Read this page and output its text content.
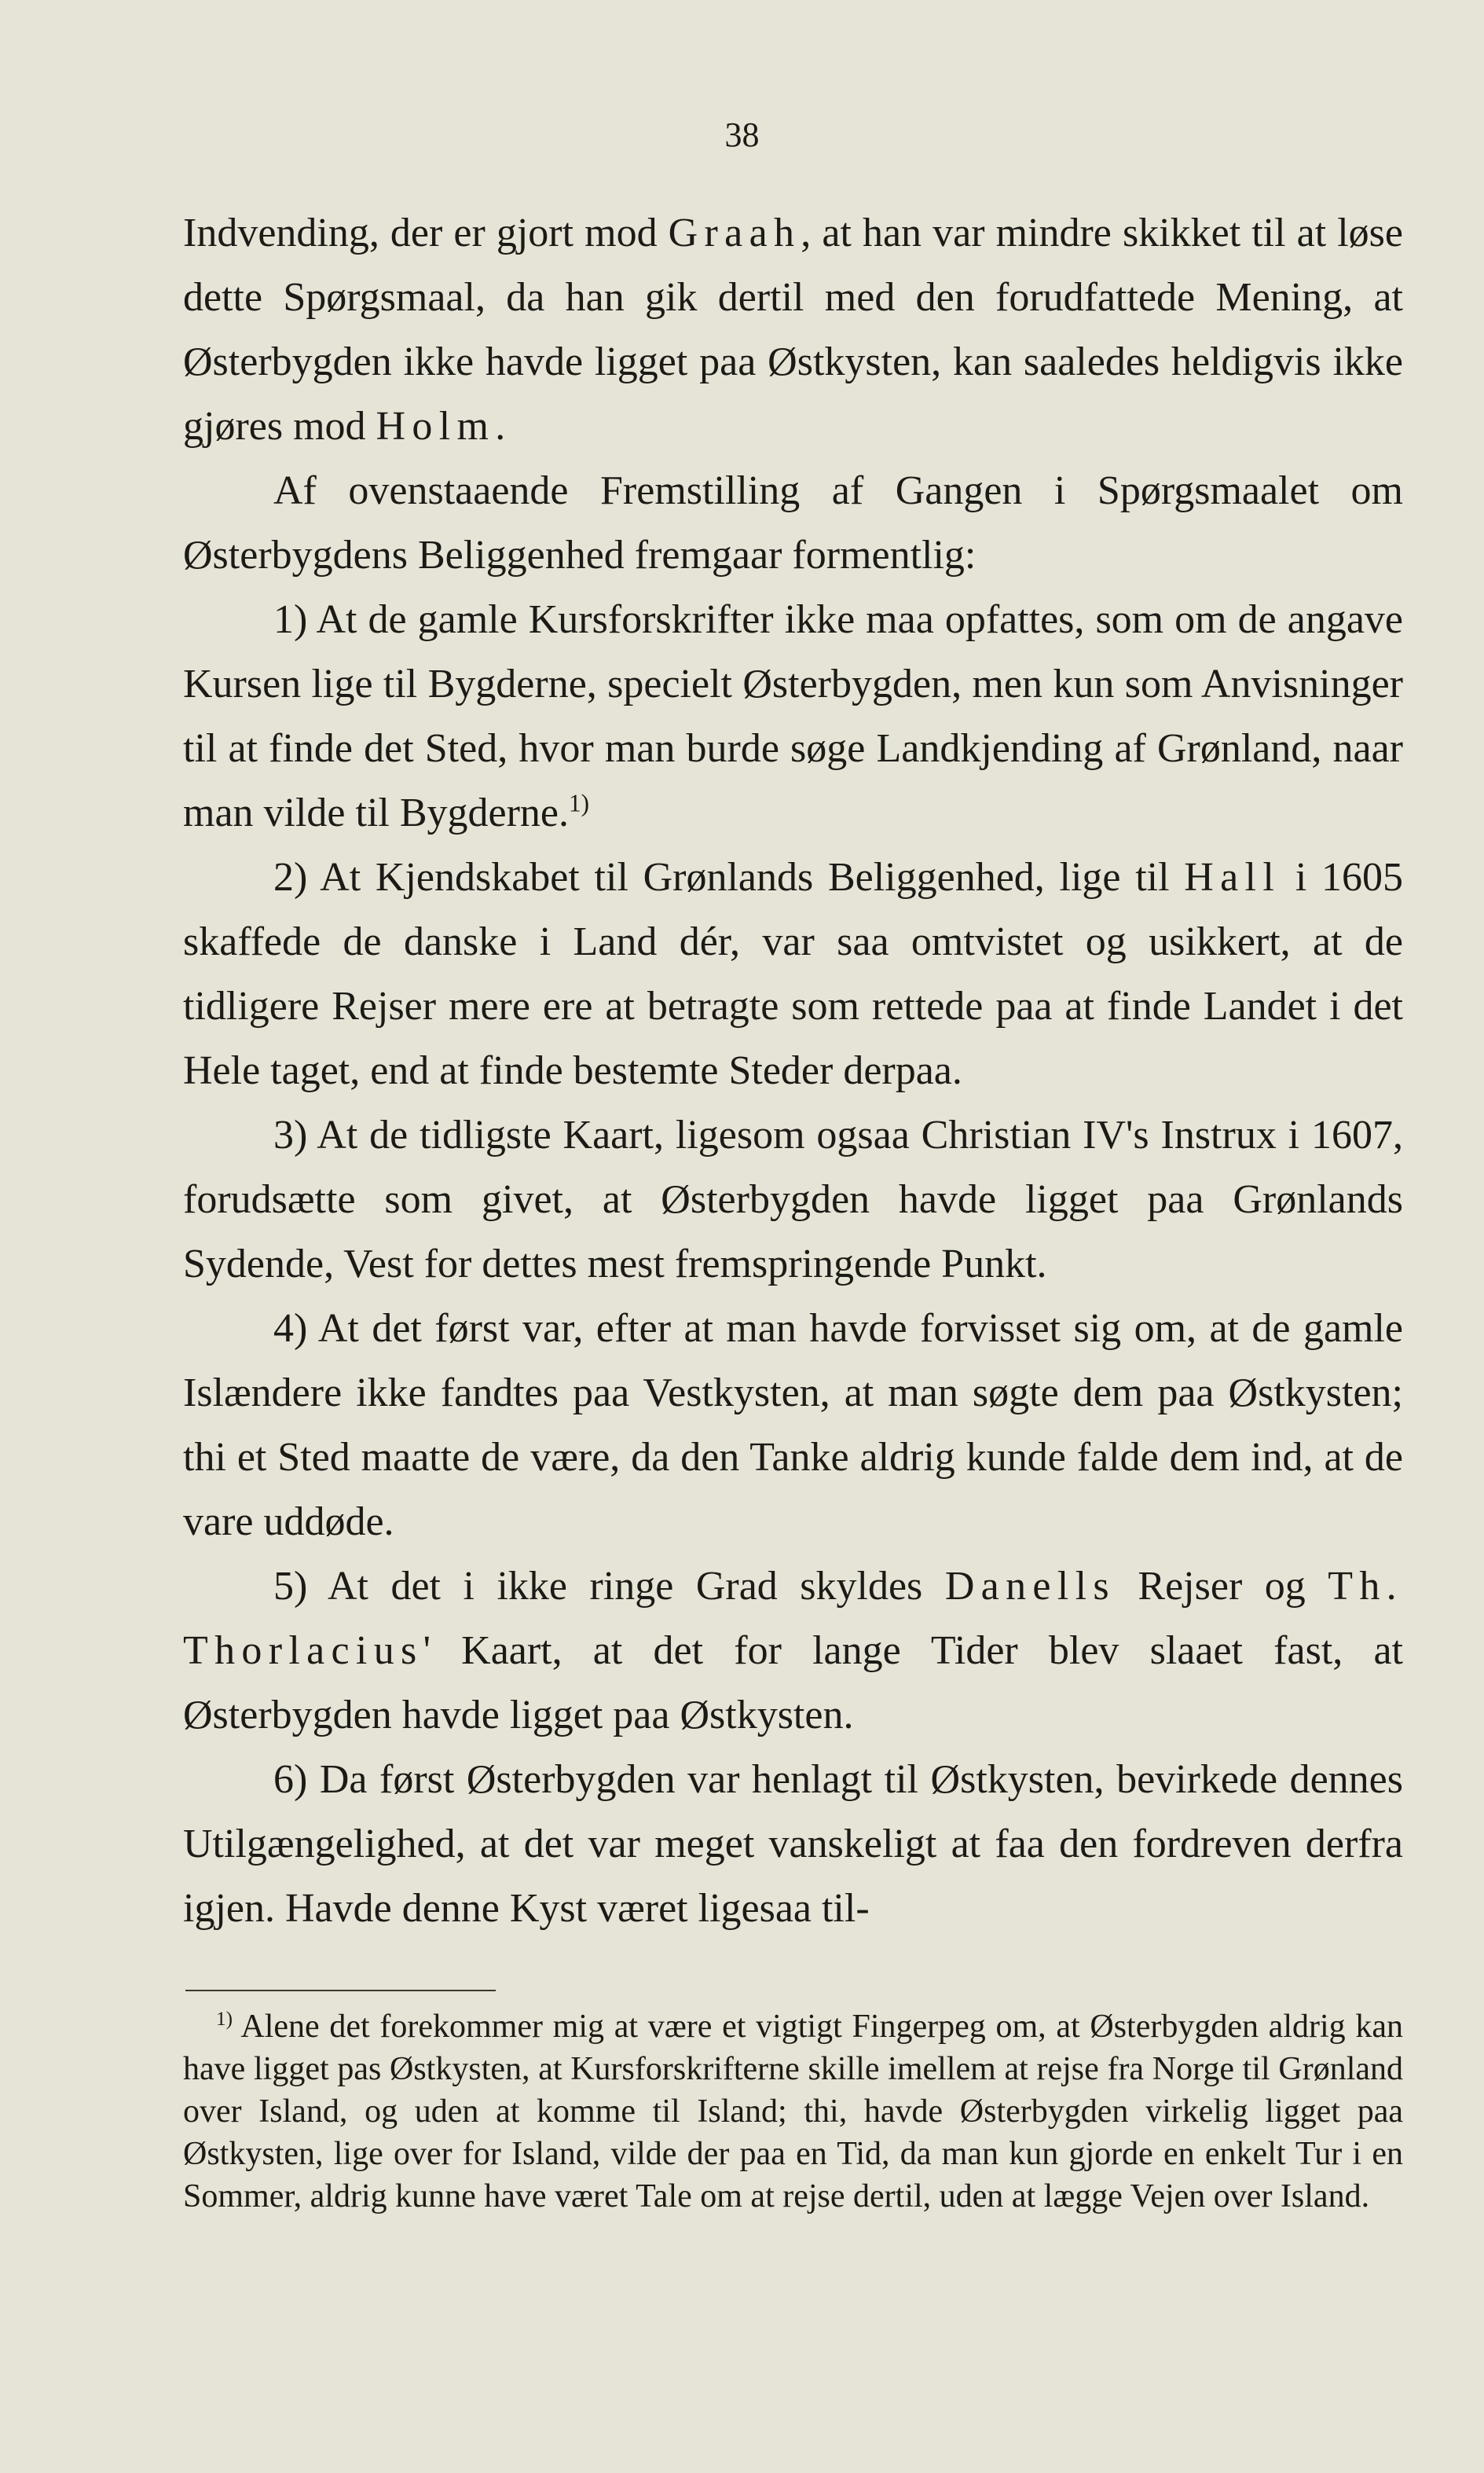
38

Indvending, der er gjort mod Graah, at han var mindre skikket til at løse dette Spørgsmaal, da han gik dertil med den forudfattede Mening, at Østerbygden ikke havde ligget paa Østkysten, kan saaledes heldigvis ikke gjøres mod Holm.

Af ovenstaaende Fremstilling af Gangen i Spørgsmaalet om Østerbygdens Beliggenhed fremgaar formentlig:

1) At de gamle Kursforskrifter ikke maa opfattes, som om de angave Kursen lige til Bygderne, specielt Østerbygden, men kun som Anvisninger til at finde det Sted, hvor man burde søge Landkjending af Grønland, naar man vilde til Bygderne.$^{1)}$

2) At Kjendskabet til Grønlands Beliggenhed, lige til Hall i 1605 skaffede de danske i Land dér, var saa omtvistet og usikkert, at de tidligere Rejser mere ere at betragte som rettede paa at finde Landet i det Hele taget, end at finde bestemte Steder derpaa.

3) At de tidligste Kaart, ligesom ogsaa Christian IV's Instrux i 1607, forudsætte som givet, at Østerbygden havde ligget paa Grønlands Sydende, Vest for dettes mest fremspringende Punkt.

4) At det først var, efter at man havde forvisset sig om, at de gamle Islændere ikke fandtes paa Vestkysten, at man søgte dem paa Østkysten; thi et Sted maatte de være, da den Tanke aldrig kunde falde dem ind, at de vare uddøde.

5) At det i ikke ringe Grad skyldes Danells Rejser og Th. Thorlacius' Kaart, at det for lange Tider blev slaaet fast, at Østerbygden havde ligget paa Østkysten.

6) Da først Østerbygden var henlagt til Østkysten, bevirkede dennes Utilgængelighed, at det var meget vanskeligt at faa den fordreven derfra igjen. Havde denne Kyst været ligesaa til-

$^{1)}$ Alene det forekommer mig at være et vigtigt Fingerpeg om, at Østerbygden aldrig kan have ligget pas Østkysten, at Kursforskrifterne skille imellem at rejse fra Norge til Grønland over Island, og uden at komme til Island; thi, havde Østerbygden virkelig ligget paa Østkysten, lige over for Island, vilde der paa en Tid, da man kun gjorde en enkelt Tur i en Sommer, aldrig kunne have været Tale om at rejse dertil, uden at lægge Vejen over Island.
